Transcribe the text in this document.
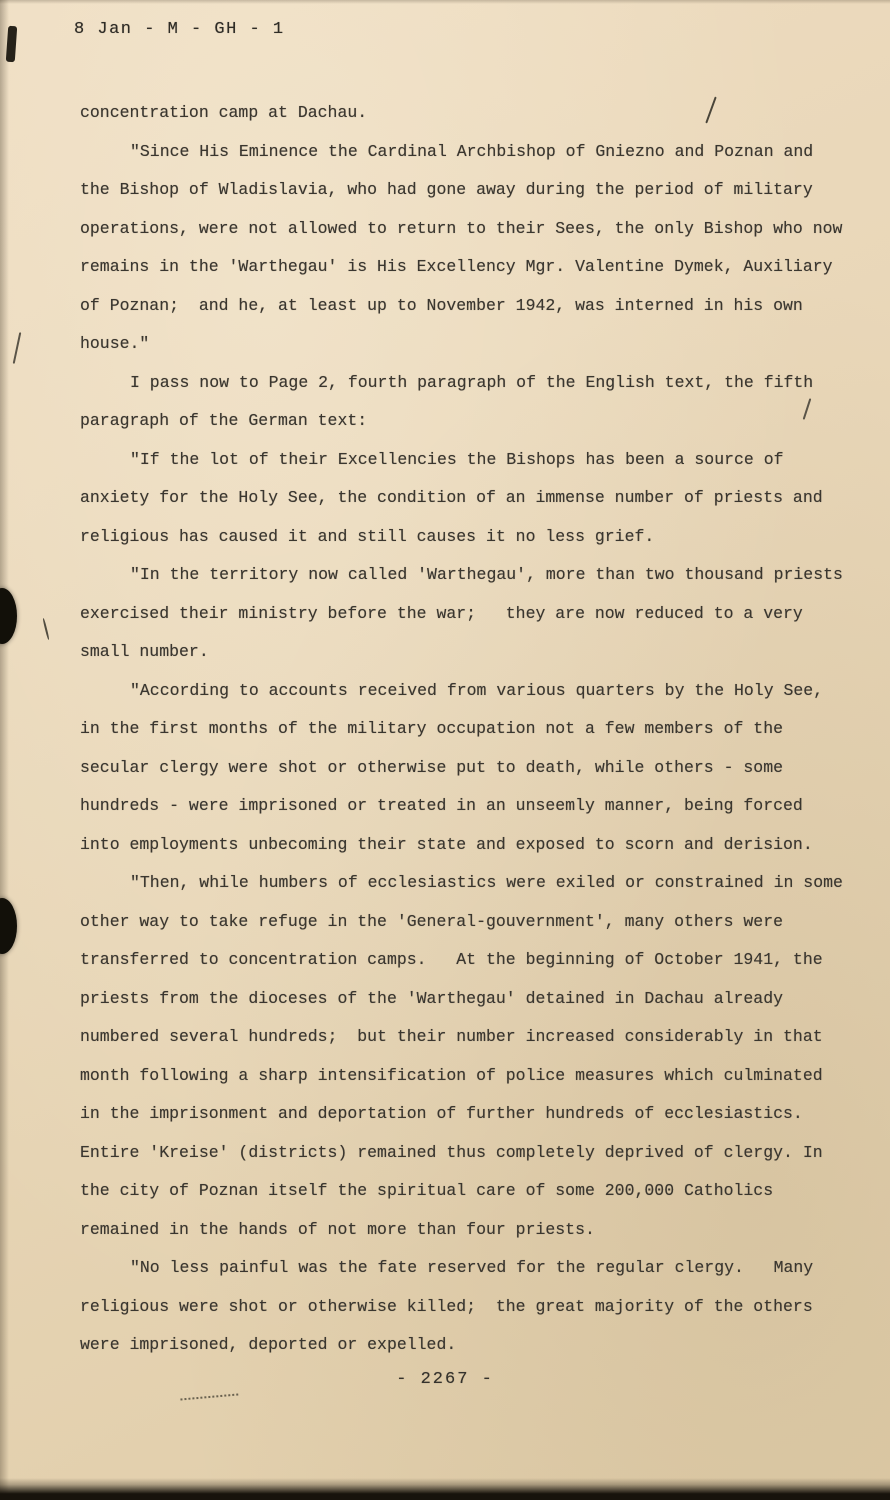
8 Jan - M - GH - 1

concentration camp at Dachau.

"Since His Eminence the Cardinal Archbishop of Gniezno and Poznan and the Bishop of Wladislavia, who had gone away during the period of military operations, were not allowed to return to their Sees, the only Bishop who now remains in the 'Warthegau' is His Excellency Mgr. Valentine Dymek, Auxiliary of Poznan;  and he, at least up to November 1942, was interned in his own house."

I pass now to Page 2, fourth paragraph of the English text, the fifth paragraph of the German text:

"If the lot of their Excellencies the Bishops has been a source of anxiety for the Holy See, the condition of an immense number of priests and religious has caused it and still causes it no less grief.

"In the territory now called 'Warthegau', more than two thousand priests exercised their ministry before the war;   they are now reduced to a very small number.

"According to accounts received from various quarters by the Holy See, in the first months of the military occupation not a few members of the secular clergy were shot or otherwise put to death, while others - some hundreds - were imprisoned or treated in an unseemly manner, being forced into employments unbecoming their state and exposed to scorn and derision.

"Then, while humbers of ecclesiastics were exiled or constrained in some other way to take refuge in the 'General-gouvernment', many others were transferred to concentration camps.   At the beginning of October 1941, the priests from the dioceses of the 'Warthegau' detained in Dachau already numbered several hundreds;  but their number increased considerably in that month following a sharp intensification of police measures which culminated in the imprisonment and deportation of further hundreds of ecclesiastics. Entire 'Kreise' (districts) remained thus completely deprived of clergy. In the city of Poznan itself the spiritual care of some 200,000 Catholics remained in the hands of not more than four priests.

"No less painful was the fate reserved for the regular clergy.   Many religious were shot or otherwise killed;  the great majority of the others were imprisoned, deported or expelled.

- 2267 -
